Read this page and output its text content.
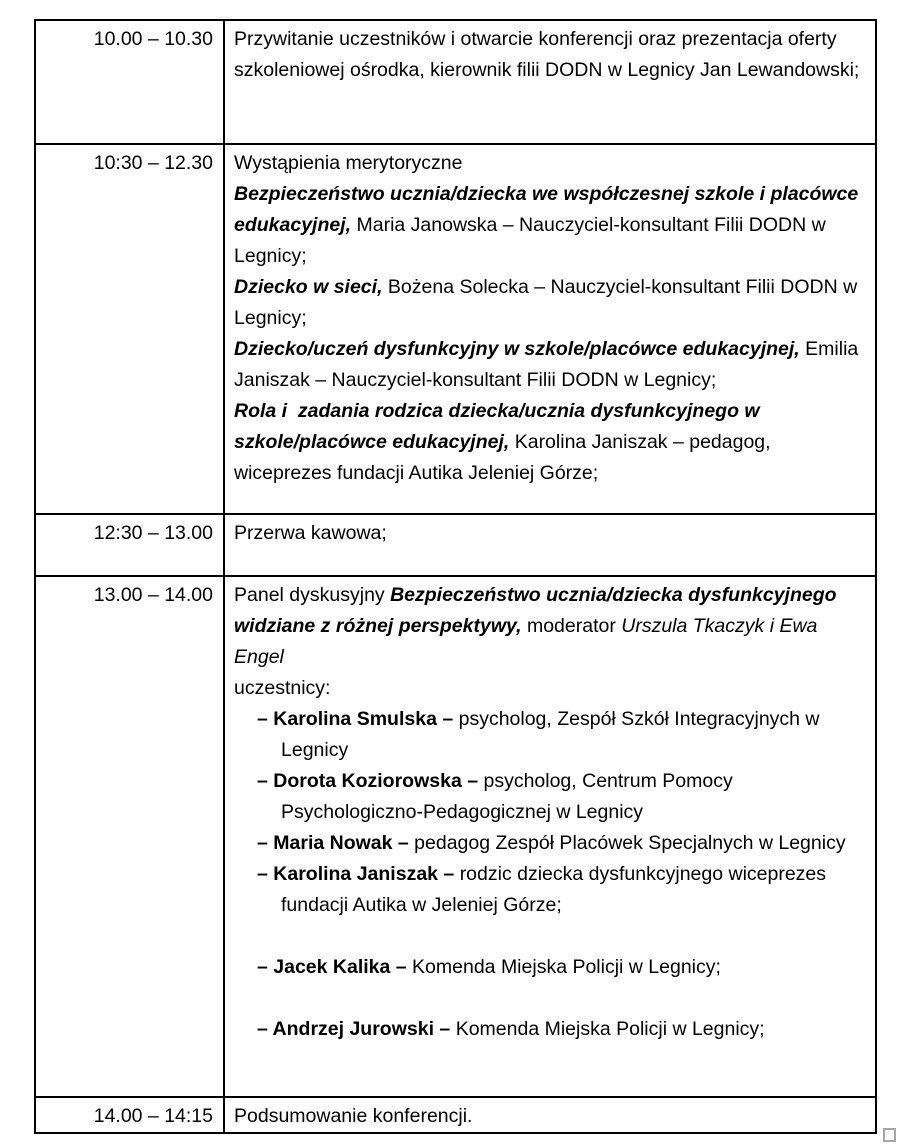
10.00 – 10.30	Przywitanie uczestników i otwarcie konferencji oraz prezentacja oferty szkoleniowej ośrodka, kierownik filii DODN w Legnicy Jan Lewandowski;

10:30 – 12.30	Wystąpienia merytoryczne
Bezpieczeństwo ucznia/dziecka we współczesnej szkole i placówce edukacyjnej, Maria Janowska – Nauczyciel-konsultant Filii DODN w Legnicy;
Dziecko w sieci, Bożena Solecka – Nauczyciel-konsultant Filii DODN w Legnicy;
Dziecko/uczeń dysfunkcyjny w szkole/placówce edukacyjnej, Emilia Janiszak – Nauczyciel-konsultant Filii DODN w Legnicy;
Rola i  zadania rodzica dziecka/ucznia dysfunkcyjnego w szkole/placówce edukacyjnej, Karolina Janiszak – pedagog, wiceprezes fundacji Autika Jeleniej Górze;

12:30 – 13.00	Przerwa kawowa;

13.00 – 14.00	Panel dyskusyjny Bezpieczeństwo ucznia/dziecka dysfunkcyjnego widziane z różnej perspektywy, moderator Urszula Tkaczyk i Ewa Engel
uczestnicy:
– Karolina Smulska – psycholog, Zespół Szkół Integracyjnych w Legnicy
– Dorota Koziorowska – psycholog, Centrum Pomocy Psychologiczno-Pedagogicznej w Legnicy
– Maria Nowak – pedagog Zespół Placówek Specjalnych w Legnicy
– Karolina Janiszak – rodzic dziecka dysfunkcyjnego wiceprezes fundacji Autika w Jeleniej Górze;

– Jacek Kalika – Komenda Miejska Policji w Legnicy;

– Andrzej Jurowski – Komenda Miejska Policji w Legnicy;

14.00 – 14:15	Podsumowanie konferencji.
